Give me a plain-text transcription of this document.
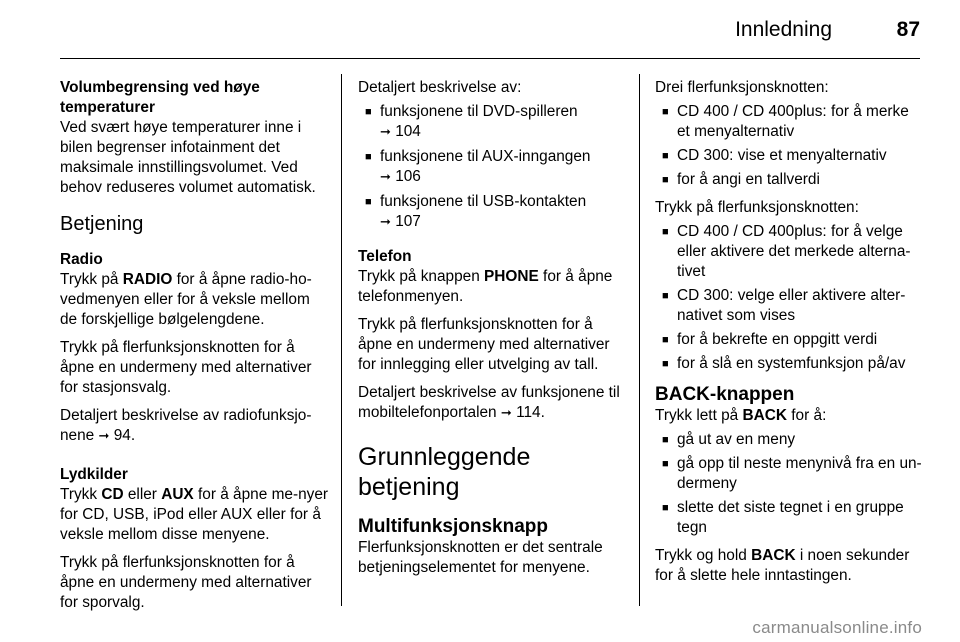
Innledning	87
Volumbegrensing ved høye temperaturer

Ved svært høye temperaturer inne i bilen begrenser infotainment det maksimale innstillingsvolumet. Ved behov reduseres volumet automatisk.

Betjening
Radio

Trykk på RADIO for å åpne radio-ho-vedmenyen eller for å veksle mellom de forskjellige bølgelengdene.

Trykk på flerfunksjonsknotten for å åpne en undermeny med alternativer for stasjonsvalg.

Detaljert beskrivelse av radiofunksjo-nene ➞ 94.

Lydkilder

Trykk CD eller AUX for å åpne me-nyer for CD, USB, iPod eller AUX eller for å veksle mellom disse menyene.

Trykk på flerfunksjonsknotten for å åpne en undermeny med alternativer for sporvalg.

Detaljert beskrivelse av:

■ funksjonene til DVD-spilleren
➞ 104
■ funksjonene til AUX-inngangen
➞ 106
■ funksjonene til USB-kontakten
➞ 107
Telefon

Trykk på knappen PHONE for å åpne telefonmenyen.

Trykk på flerfunksjonsknotten for å åpne en undermeny med alternativer for innlegging eller utvelging av tall.

Detaljert beskrivelse av funksjonene til mobiltelefonportalen ➞ 114.

Grunnleggende betjening
Multifunksjonsknapp

Flerfunksjonsknotten er det sentrale betjeningselementet for menyene.

Drei flerfunksjonsknotten:

■ CD 400 / CD 400plus: for å merke et menyalternativ
■ CD 300: vise et menyalternativ
■ for å angi en tallverdi

Trykk på flerfunksjonsknotten:

■ CD 400 / CD 400plus: for å velge eller aktivere det merkede alterna-tivet
■ CD 300: velge eller aktivere alter-nativet som vises
■ for å bekrefte en oppgitt verdi
■ for å slå en systemfunksjon på/av
BACK-knappen

Trykk lett på BACK for å:

■ gå ut av en meny
■ gå opp til neste menynivå fra en un-dermeny
■ slette det siste tegnet i en gruppe tegn

Trykk og hold BACK i noen sekunder for å slette hele inntastingen.

carmanualsonline.info
